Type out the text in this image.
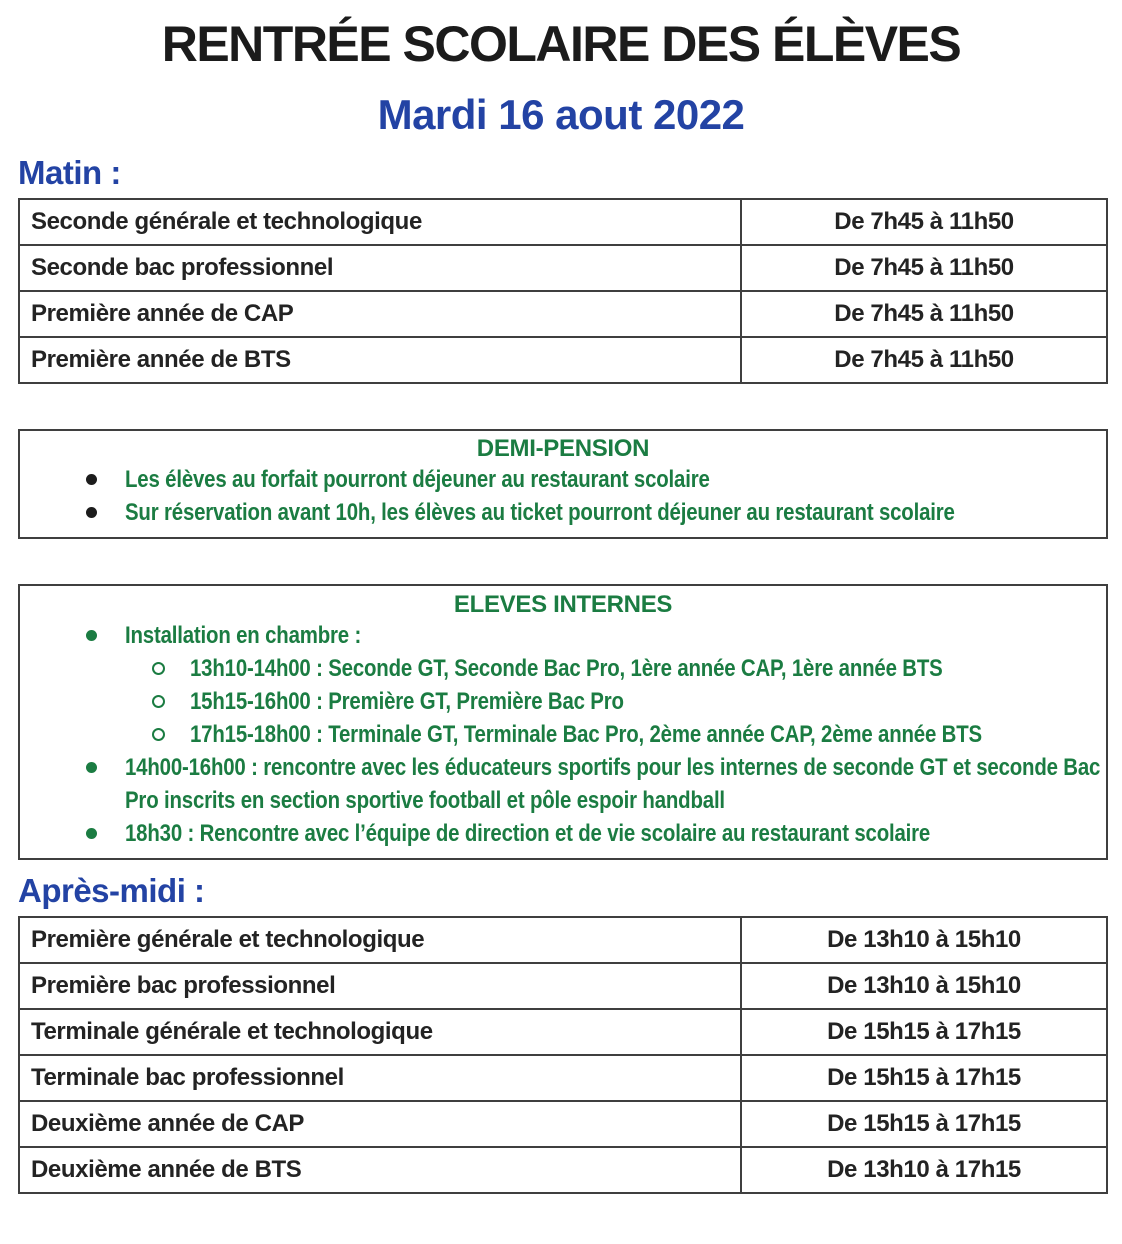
RENTRÉE SCOLAIRE DES ÉLÈVES
Mardi 16 aout 2022
Matin :
Seconde générale et technologique	De 7h45 à 11h50
Seconde bac professionnel	De 7h45 à 11h50
Première année de CAP	De 7h45 à 11h50
Première année de BTS	De 7h45 à 11h50
DEMI-PENSION
Les élèves au forfait pourront déjeuner au restaurant scolaire
Sur réservation avant 10h, les élèves au ticket pourront déjeuner au restaurant scolaire
ELEVES INTERNES
Installation en chambre :
13h10-14h00 : Seconde GT, Seconde Bac Pro, 1ère année CAP, 1ère année BTS
15h15-16h00 : Première GT, Première Bac Pro
17h15-18h00 : Terminale GT, Terminale Bac Pro, 2ème année CAP, 2ème année BTS
14h00-16h00 : rencontre avec les éducateurs sportifs pour les internes de seconde GT et seconde Bac Pro inscrits en section sportive football et pôle espoir handball
18h30 : Rencontre avec l’équipe de direction et de vie scolaire au restaurant scolaire
Après-midi :
Première générale et technologique	De 13h10 à 15h10
Première bac professionnel	De 13h10 à 15h10
Terminale générale et technologique	De 15h15 à 17h15
Terminale bac professionnel	De 15h15 à 17h15
Deuxième année de CAP	De 15h15 à 17h15
Deuxième année de BTS	De 13h10 à 17h15
